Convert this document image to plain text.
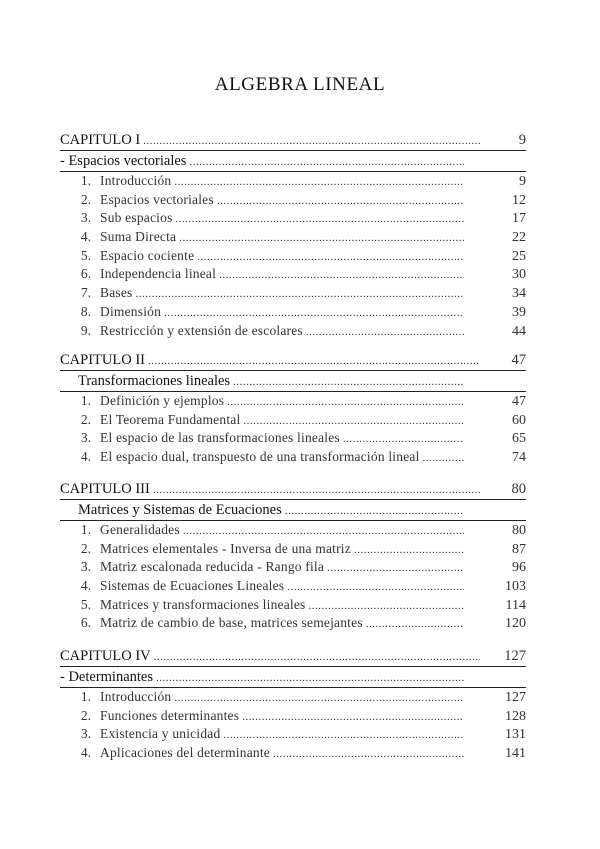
ALGEBRA LINEAL
CAPITULO I .....	9
- Espacios vectoriales
.....
1. Introducción .....	9
2. Espacios vectoriales .....	12
3. Sub espacios .....	17
4. Suma Directa .....	22
5. Espacio cociente .....	25
6. Independencia lineal .....	30
7. Bases .....	34
8. Dimensión .....	39
9. Restricción y extensión de escolares .....	44
CAPITULO II .....	47
Transformaciones lineales
.....
1. Definición y ejemplos .....	47
2. El Teorema Fundamental .....	60
3. El espacio de las transformaciones lineales .....	65
4. El espacio dual, transpuesto de una transformación lineal .....	74
CAPITULO III .....	80
Matrices y Sistemas de Ecuaciones
.....
1. Generalidades .....	80
2. Matrices elementales - Inversa de una matriz .....	87
3. Matriz escalonada reducida - Rango fila .....	96
4. Sistemas de Ecuaciones Lineales .....	103
5. Matrices y transformaciones lineales .....	114
6. Matriz de cambio de base, matrices semejantes .....	120
CAPITULO IV .....	127
- Determinantes
.....
1. Introducción .....	127
2. Funciones determinantes .....	128
3. Existencia y unicidad .....	131
4. Aplicaciones del determinante .....	141
